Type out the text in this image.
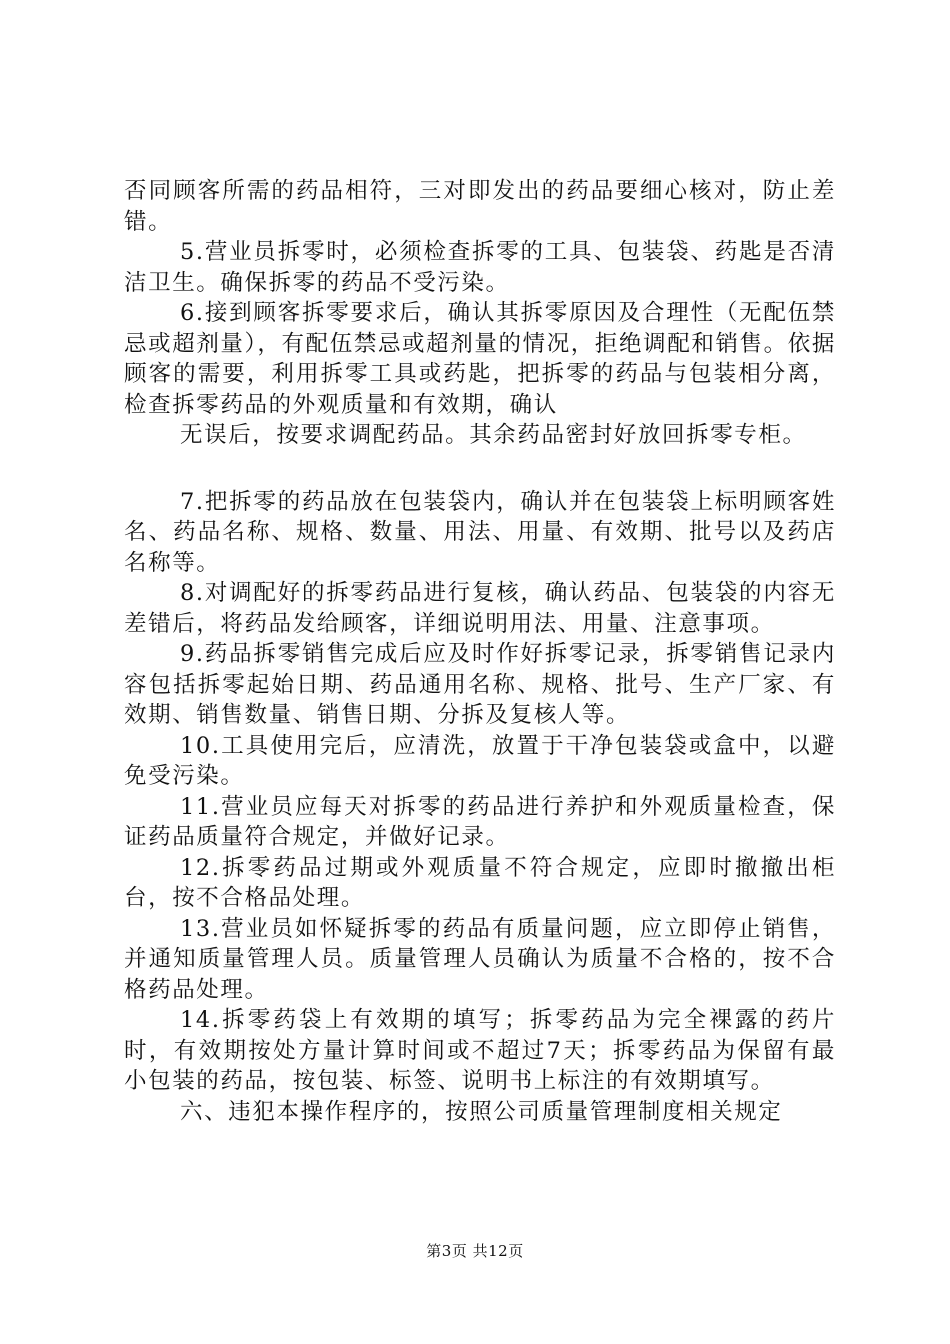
否同顾客所需的药品相符，三对即发出的药品要细心核对，防止差错。

5.营业员拆零时，必须检查拆零的工具、包装袋、药匙是否清洁卫生。确保拆零的药品不受污染。

6.接到顾客拆零要求后，确认其拆零原因及合理性（无配伍禁忌或超剂量），有配伍禁忌或超剂量的情况，拒绝调配和销售。依据顾客的需要，利用拆零工具或药匙，把拆零的药品与包装相分离，检查拆零药品的外观质量和有效期，确认

无误后，按要求调配药品。其余药品密封好放回拆零专柜。

7.把拆零的药品放在包装袋内，确认并在包装袋上标明顾客姓名、药品名称、规格、数量、用法、用量、有效期、批号以及药店名称等。

8.对调配好的拆零药品进行复核，确认药品、包装袋的内容无差错后，将药品发给顾客，详细说明用法、用量、注意事项。

9.药品拆零销售完成后应及时作好拆零记录，拆零销售记录内容包括拆零起始日期、药品通用名称、规格、批号、生产厂家、有效期、销售数量、销售日期、分拆及复核人等。

10.工具使用完后，应清洗，放置于干净包装袋或盒中，以避免受污染。

11.营业员应每天对拆零的药品进行养护和外观质量检查，保证药品质量符合规定，并做好记录。

12.拆零药品过期或外观质量不符合规定，应即时撤撤出柜台，按不合格品处理。

13.营业员如怀疑拆零的药品有质量问题，应立即停止销售，并通知质量管理人员。质量管理人员确认为质量不合格的，按不合格药品处理。

14.拆零药袋上有效期的填写；拆零药品为完全裸露的药片时，有效期按处方量计算时间或不超过7天；拆零药品为保留有最小包装的药品，按包装、标签、说明书上标注的有效期填写。

六、违犯本操作程序的，按照公司质量管理制度相关规定

第3页 共12页
